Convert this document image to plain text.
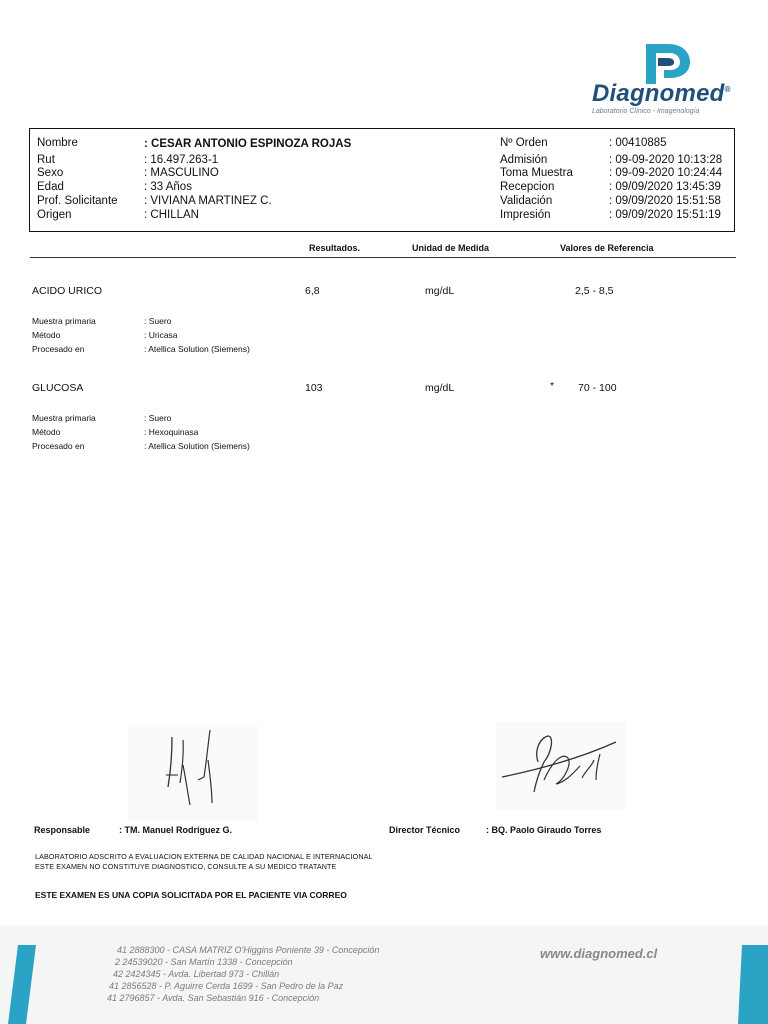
Diagnomed®
Laboratorio Clínico - Imagenología
Nombre	: CESAR ANTONIO ESPINOZA ROJAS
Rut	: 16.497.263-1
Sexo	: MASCULINO
Edad	: 33 Años
Prof. Solicitante : VIVIANA MARTINEZ C.
Origen	: CHILLAN
Nº Orden	: 00410885
Admisión	: 09-09-2020 10:13:28
Toma Muestra	: 09-09-2020 10:24:44
Recepcion	: 09/09/2020 13:45:39
Validación	: 09/09/2020 15:51:58
Impresión	: 09/09/2020 15:51:19
Resultados.	Unidad de Medida	Valores de Referencia
ACIDO URICO	6,8	mg/dL	2,5 - 8,5
Muestra primaria	: Suero
Método	: Uricasa
Procesado en	: Atellica Solution (Siemens)
GLUCOSA	103	mg/dL	* 70 - 100
Muestra primaria	: Suero
Método	: Hexoquinasa
Procesado en	: Atellica Solution (Siemens)
Responsable	: TM. Manuel Rodríguez G.	Director Técnico	: BQ. Paolo Giraudo Torres
LABORATORIO ADSCRITO A EVALUACION EXTERNA DE CALIDAD NACIONAL E INTERNACIONAL
ESTE EXAMEN NO CONSTITUYE DIAGNOSTICO, CONSULTE A SU MEDICO TRATANTE
ESTE EXAMEN ES UNA COPIA SOLICITADA POR EL PACIENTE VIA CORREO
41 2888300 - CASA MATRIZ O'Higgins Poniente 39 - Concepción
2 24539020 - San Martín 1338 - Concepción
42 2424345 - Avda. Libertad 973 - Chillán
41 2856528 - P. Aguirre Cerda 1699 - San Pedro de la Paz
41 2796857 - Avda. San Sebastián 916 - Concepción
www.diagnomed.cl
